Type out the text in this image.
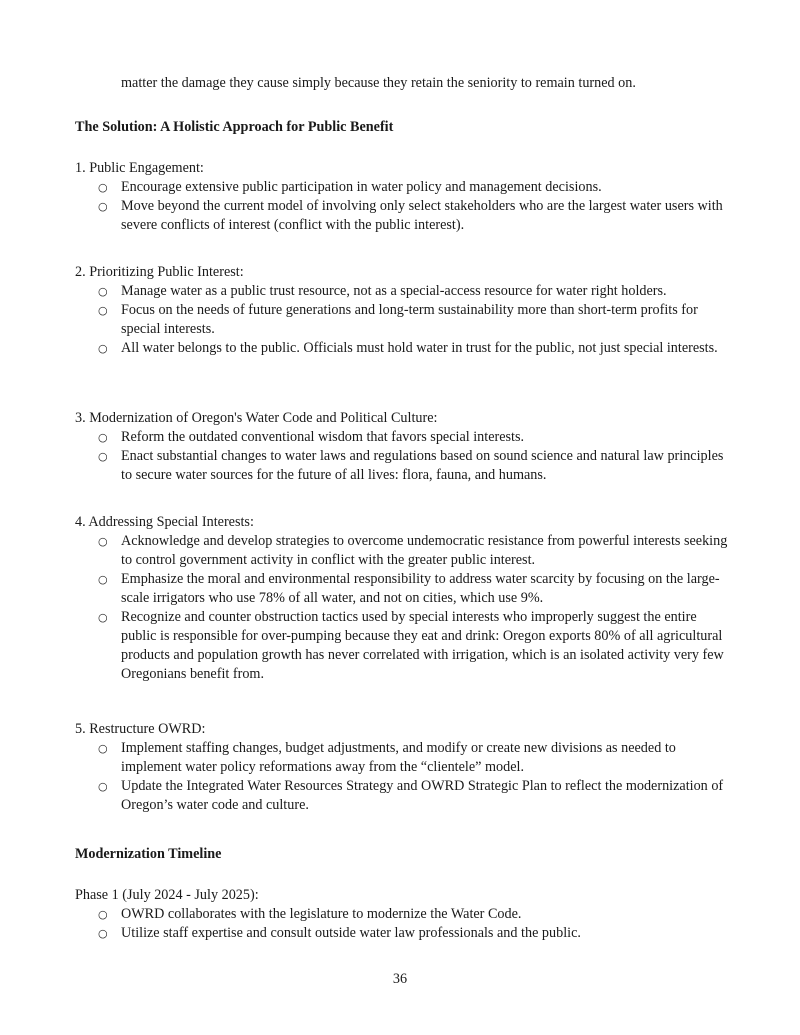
matter the damage they cause simply because they retain the seniority to remain turned on.
The Solution: A Holistic Approach for Public Benefit

1. Public Engagement:

○ Encourage extensive public participation in water policy and management decisions.
○ Move beyond the current model of involving only select stakeholders who are the largest water users with severe conflicts of interest (conflict with the public interest).

2. Prioritizing Public Interest:

○ Manage water as a public trust resource, not as a special-access resource for water right holders.
○ Focus on the needs of future generations and long-term sustainability more than short-term profits for special interests.
○ All water belongs to the public. Officials must hold water in trust for the public, not just special interests.

3. Modernization of Oregon's Water Code and Political Culture:

○ Reform the outdated conventional wisdom that favors special interests.
○ Enact substantial changes to water laws and regulations based on sound science and natural law principles to secure water sources for the future of all lives: flora, fauna, and humans.

4. Addressing Special Interests:

○ Acknowledge and develop strategies to overcome undemocratic resistance from powerful interests seeking to control government activity in conflict with the greater public interest.
○ Emphasize the moral and environmental responsibility to address water scarcity by focusing on the large-scale irrigators who use 78% of all water, and not on cities, which use 9%.
○ Recognize and counter obstruction tactics used by special interests who improperly suggest the entire public is responsible for over-pumping because they eat and drink: Oregon exports 80% of all agricultural products and population growth has never correlated with irrigation, which is an isolated activity very few Oregonians benefit from.

5. Restructure OWRD:

○ Implement staffing changes, budget adjustments, and modify or create new divisions as needed to implement water policy reformations away from the “clientele” model.
○ Update the Integrated Water Resources Strategy and OWRD Strategic Plan to reflect the modernization of Oregon’s water code and culture.
Modernization Timeline

Phase 1 (July 2024 - July 2025):

○ OWRD collaborates with the legislature to modernize the Water Code.
○ Utilize staff expertise and consult outside water law professionals and the public.
36
